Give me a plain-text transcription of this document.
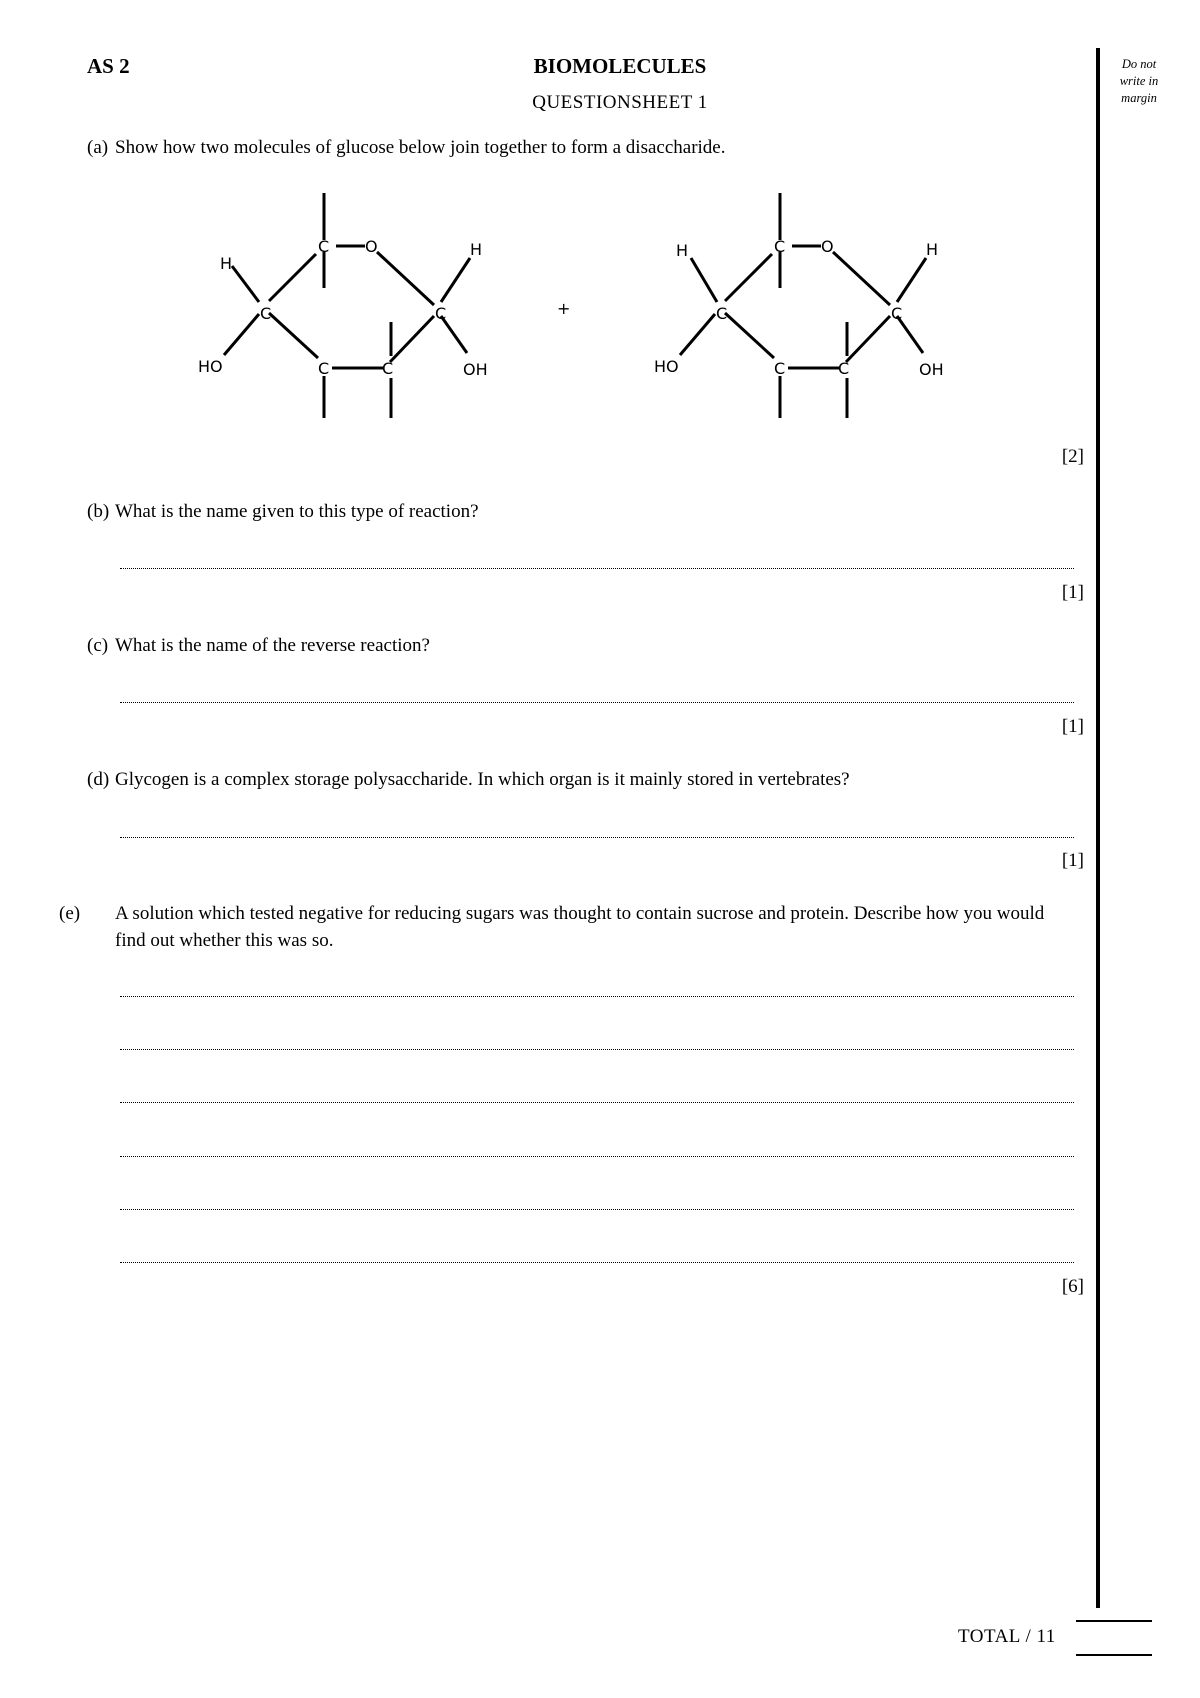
AS 2	BIOMOLECULES
QUESTIONSHEET 1
Do not write in margin
(a) Show how two molecules of glucose below join together to form a disaccharide.
C O
C	C
C	C
H
H
HO	OH
+
C O
C	C
C	C
H	H
HO	OH
[2]
(b) What is the name given to this type of reaction?
[1]
(c) What is the name of the reverse reaction?
[1]
(d) Glycogen is a complex storage polysaccharide. In which organ is it mainly stored in vertebrates?
[1]
(e) A solution which tested negative for reducing sugars was thought to contain sucrose and protein. Describe how you would find out whether this was so.
[6]
TOTAL / 11
